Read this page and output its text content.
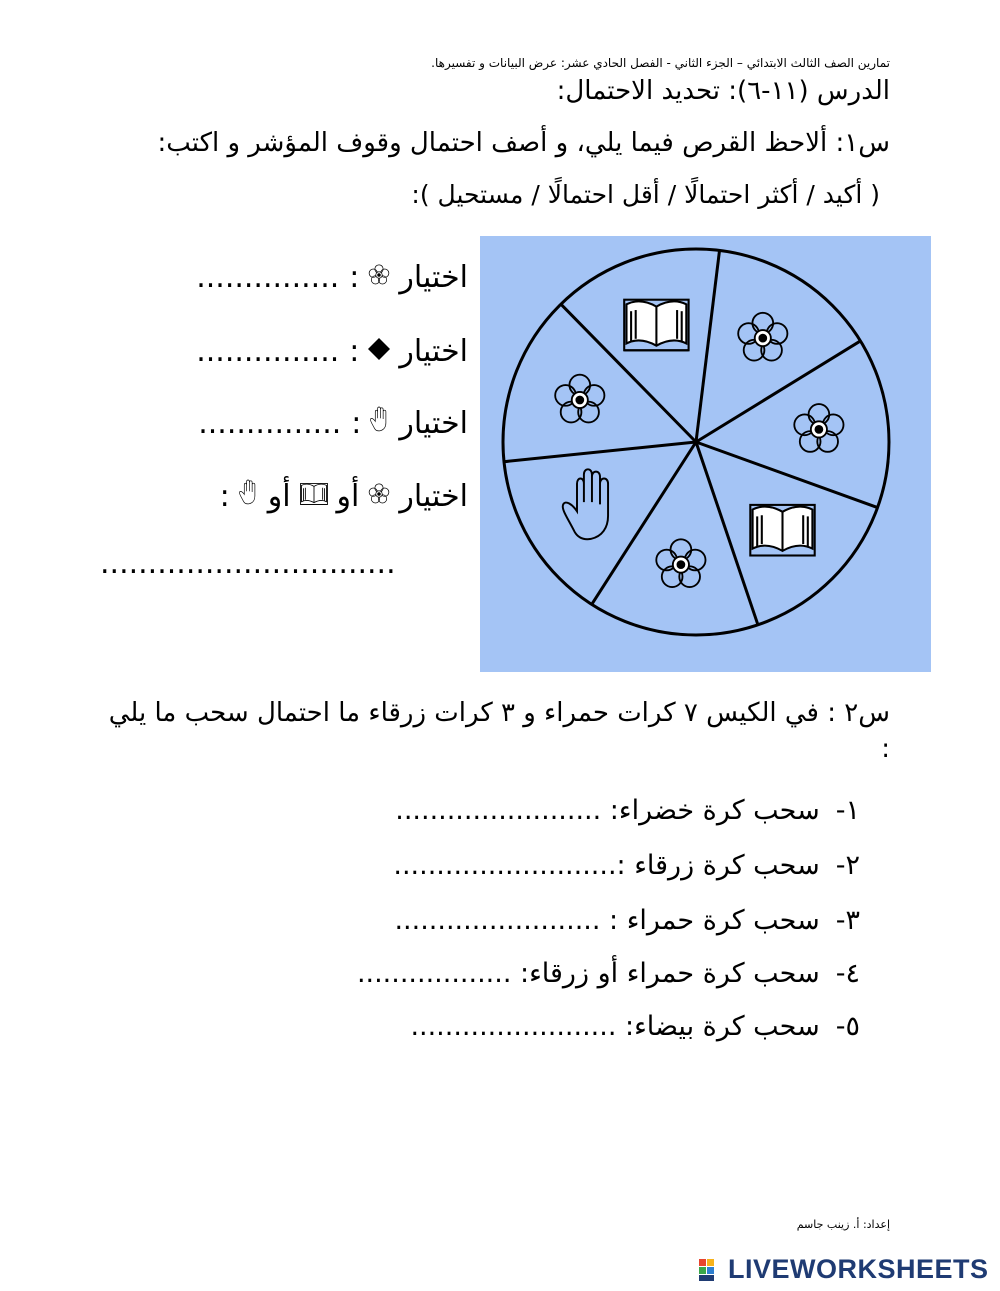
تمارين الصف الثالث الابتدائي – الجزء الثاني - الفصل الحادي عشر: عرض البيانات و تفسيرها.
الدرس (١١-٦): تحديد الاحتمال:
س١: ألاحظ القرص فيما يلي، و أصف احتمال وقوف المؤشر و اكتب:
( أكيد / أكثر احتمالًا / أقل احتمالًا / مستحيل ):
اختيار
:
...............
اختيار
:
...............
اختيار
:
...............
اختيار
أو
أو
:
...............................
س٢ : في الكيس ٧ كرات حمراء و ٣ كرات زرقاء ما احتمال سحب ما يلي :
١-سحب كرة خضراء: ........................
٢-سحب كرة زرقاء :..........................
٣-سحب كرة حمراء : ........................
٤-سحب كرة حمراء أو زرقاء: ..................
٥-سحب كرة بيضاء: ........................
إعداد: أ. زينب جاسم
LIVEWORKSHEETS
